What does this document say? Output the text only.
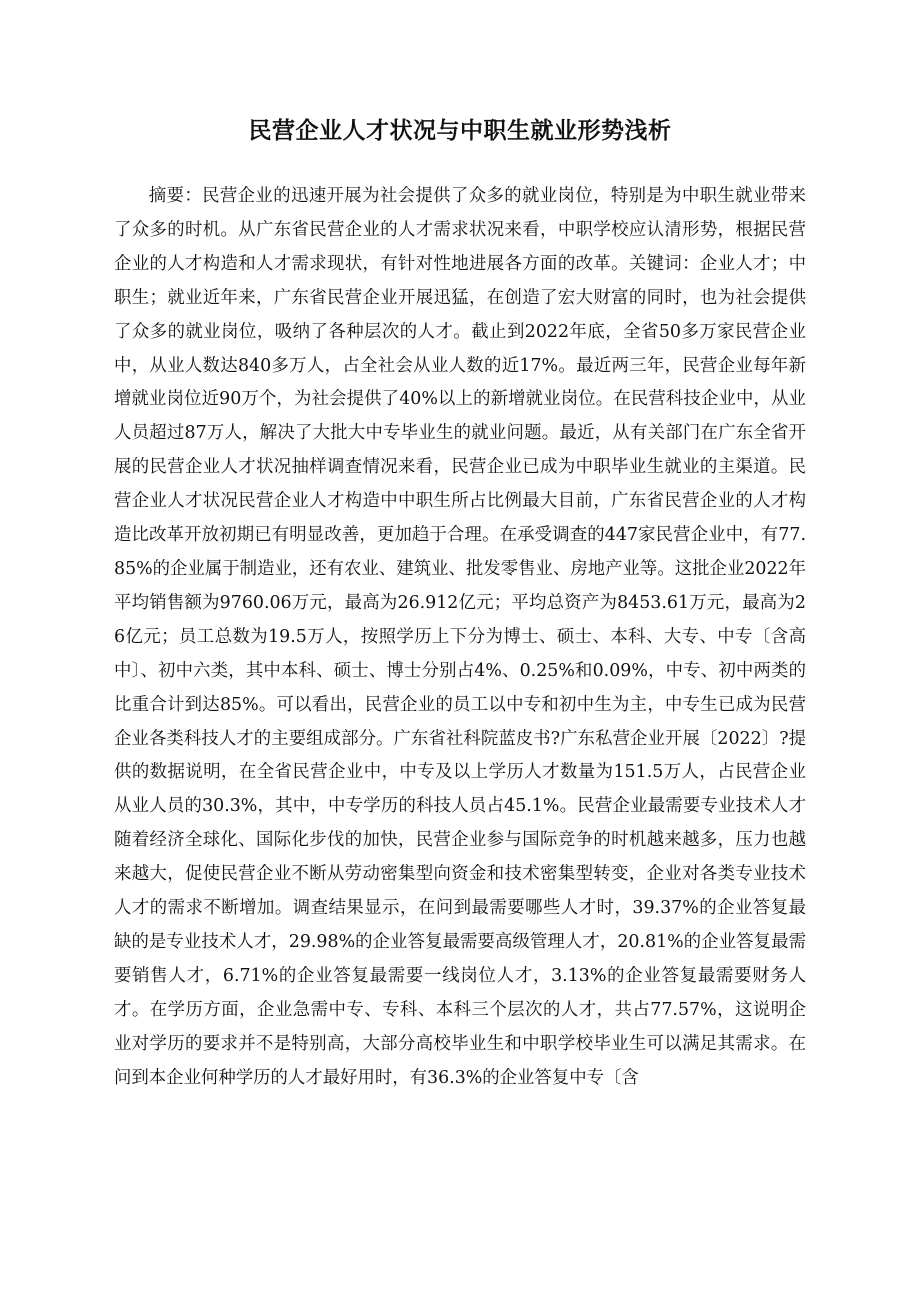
民营企业人才状况与中职生就业形势浅析

摘要：民营企业的迅速开展为社会提供了众多的就业岗位，特别是为中职生就业带来了众多的时机。从广东省民营企业的人才需求状况来看，中职学校应认清形势，根据民营企业的人才构造和人才需求现状，有针对性地进展各方面的改革。关键词：企业人才；中职生；就业近年来，广东省民营企业开展迅猛，在创造了宏大财富的同时，也为社会提供了众多的就业岗位，吸纳了各种层次的人才。截止到2022年底，全省50多万家民营企业中，从业人数达840多万人，占全社会从业人数的近17%。最近两三年，民营企业每年新增就业岗位近90万个，为社会提供了40%以上的新增就业岗位。在民营科技企业中，从业人员超过87万人，解决了大批大中专毕业生的就业问题。最近，从有关部门在广东全省开展的民营企业人才状况抽样调查情况来看，民营企业已成为中职毕业生就业的主渠道。民营企业人才状况民营企业人才构造中中职生所占比例最大目前，广东省民营企业的人才构造比改革开放初期已有明显改善，更加趋于合理。在承受调查的447家民营企业中，有77.85%的企业属于制造业，还有农业、建筑业、批发零售业、房地产业等。这批企业2022年平均销售额为9760.06万元，最高为26.912亿元；平均总资产为8453.61万元，最高为26亿元；员工总数为19.5万人，按照学历上下分为博士、硕士、本科、大专、中专〔含高中〕、初中六类，其中本科、硕士、博士分别占4%、0.25%和0.09%，中专、初中两类的比重合计到达85%。可以看出，民营企业的员工以中专和初中生为主，中专生已成为民营企业各类科技人才的主要组成部分。广东省社科院蓝皮书?广东私营企业开展〔2022〕?提供的数据说明，在全省民营企业中，中专及以上学历人才数量为151.5万人，占民营企业从业人员的30.3%，其中，中专学历的科技人员占45.1%。民营企业最需要专业技术人才随着经济全球化、国际化步伐的加快，民营企业参与国际竞争的时机越来越多，压力也越来越大，促使民营企业不断从劳动密集型向资金和技术密集型转变，企业对各类专业技术人才的需求不断增加。调查结果显示，在问到最需要哪些人才时，39.37%的企业答复最缺的是专业技术人才，29.98%的企业答复最需要高级管理人才，20.81%的企业答复最需要销售人才，6.71%的企业答复最需要一线岗位人才，3.13%的企业答复最需要财务人才。在学历方面，企业急需中专、专科、本科三个层次的人才，共占77.57%，这说明企业对学历的要求并不是特别高，大部分高校毕业生和中职学校毕业生可以满足其需求。在问到本企业何种学历的人才最好用时，有36.3%的企业答复中专〔含
